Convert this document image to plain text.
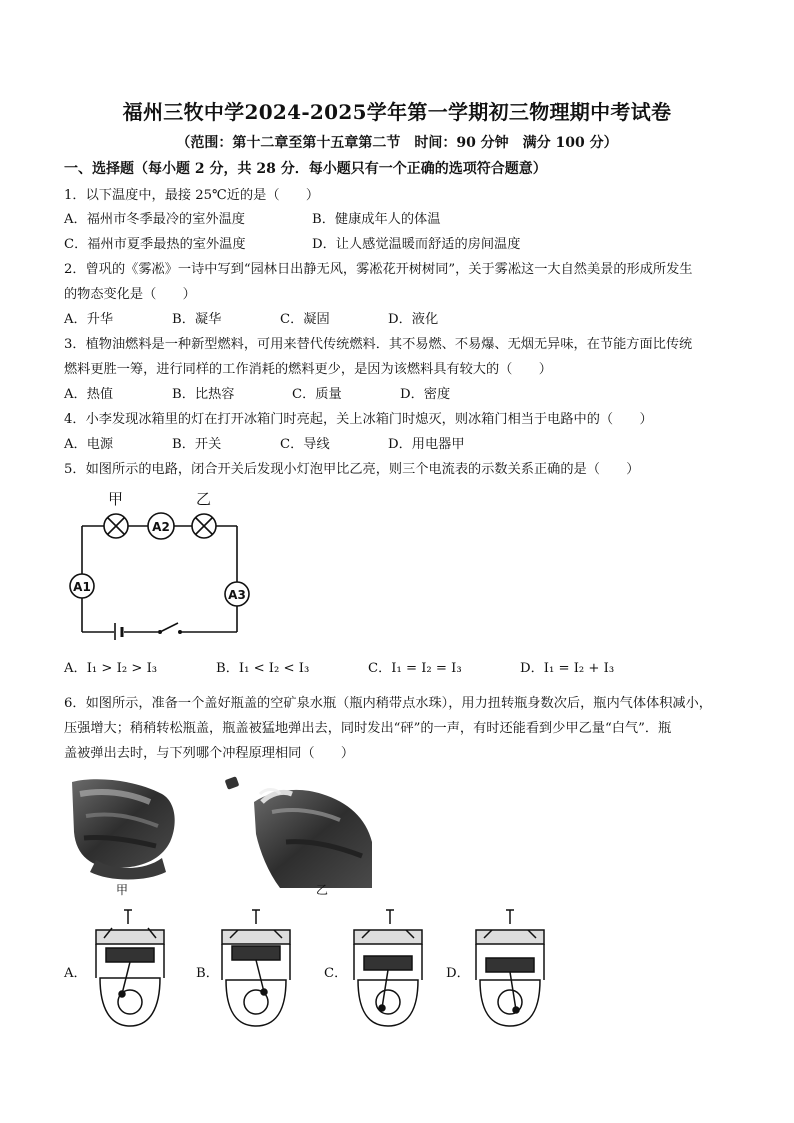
福州三牧中学2024-2025学年第一学期初三物理期中考试卷
（范围：第十二章至第十五章第二节　时间：90 分钟　满分 100 分）
一、选择题（每小题 2 分，共 28 分．每小题只有一个正确的选项符合题意）
1．以下温度中，最接 25℃近的是（　　）
A．福州市冬季最冷的室外温度	B．健康成年人的体温
C．福州市夏季最热的室外温度	D．让人感觉温暖而舒适的房间温度
2．曾巩的《雾凇》一诗中写到“园林日出静无风，雾凇花开树树同”，关于雾凇这一大自然美景的形成所发生
的物态变化是（　　）
A．升华	B．凝华	C．凝固	D．液化
3．植物油燃料是一种新型燃料，可用来替代传统燃料．其不易燃、不易爆、无烟无异味，在节能方面比传统
燃料更胜一筹，进行同样的工作消耗的燃料更少，是因为该燃料具有较大的（　　）
A．热值	B．比热容	C．质量	D．密度
4．小李发现冰箱里的灯在打开冰箱门时亮起，关上冰箱门时熄灭，则冰箱门相当于电路中的（　　）
A．电源	B．开关	C．导线	D．用电器甲
5．如图所示的电路，闭合开关后发现小灯泡甲比乙亮，则三个电流表的示数关系正确的是（　　）
甲	乙
A2
A1
A3
A．I₁ > I₂ > I₃	B．I₁ < I₂ < I₃	C．I₁ = I₂ = I₃	D．I₁ = I₂ + I₃
6．如图所示，准备一个盖好瓶盖的空矿泉水瓶（瓶内稍带点水珠），用力扭转瓶身数次后，瓶内气体体积减小，
压强增大；稍稍转松瓶盖，瓶盖被猛地弹出去，同时发出“砰”的一声，有时还能看到少甲乙量“白气”．瓶
盖被弹出去时，与下列哪个冲程原理相同（　　）
甲	乙
A．	B．	C．	D．
